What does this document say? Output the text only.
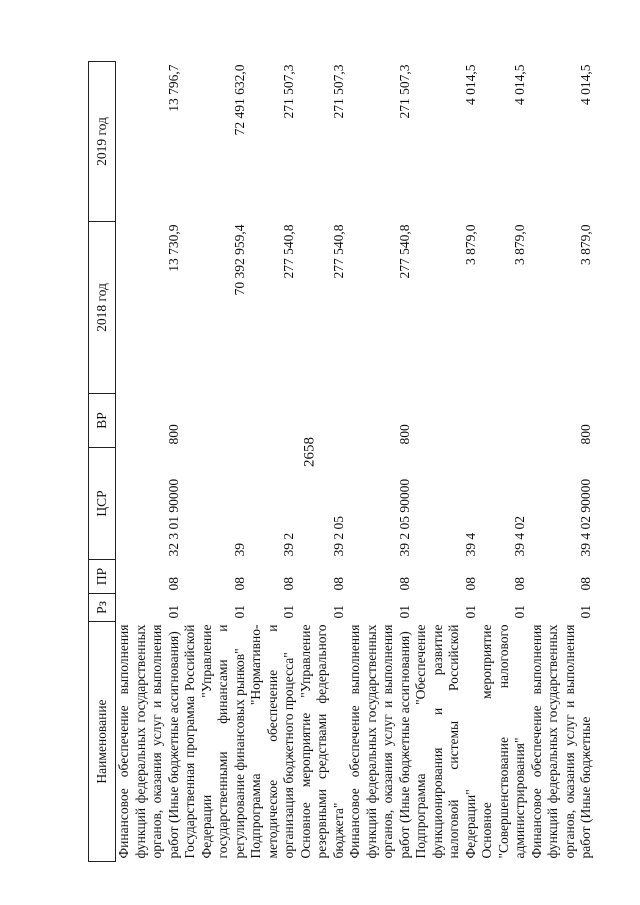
2658
Наименование	Рз	ПР	ЦСР	ВР	2018 год	2019 год
Финансовое обеспечение выполнения функций федеральных государственных органов, оказания услуг и выполнения работ (Иные бюджетные ассигнования)	01	08	32 3 01 90000	800	13 730,9	13 796,7
Государственная программа Российской Федерации "Управление государственными финансами и регулирование финансовых рынков"	01	08	39		70 392 959,4	72 491 632,0
Подпрограмма "Нормативно-методическое обеспечение и организация бюджетного процесса"	01	08	39 2		277 540,8	271 507,3
Основное мероприятие "Управление резервными средствами федерального бюджета"	01	08	39 2 05		277 540,8	271 507,3
Финансовое обеспечение выполнения функций федеральных государственных органов, оказания услуг и выполнения работ (Иные бюджетные ассигнования)	01	08	39 2 05 90000	800	277 540,8	271 507,3
Подпрограмма "Обеспечение функционирования и развитие налоговой системы Российской Федерации"	01	08	39 4		3 879,0	4 014,5
Основное мероприятие "Совершенствование налогового администрирования"	01	08	39 4 02		3 879,0	4 014,5
Финансовое обеспечение выполнения функций федеральных государственных органов, оказания услуг и выполнения работ (Иные бюджетные	01	08	39 4 02 90000	800	3 879,0	4 014,5
